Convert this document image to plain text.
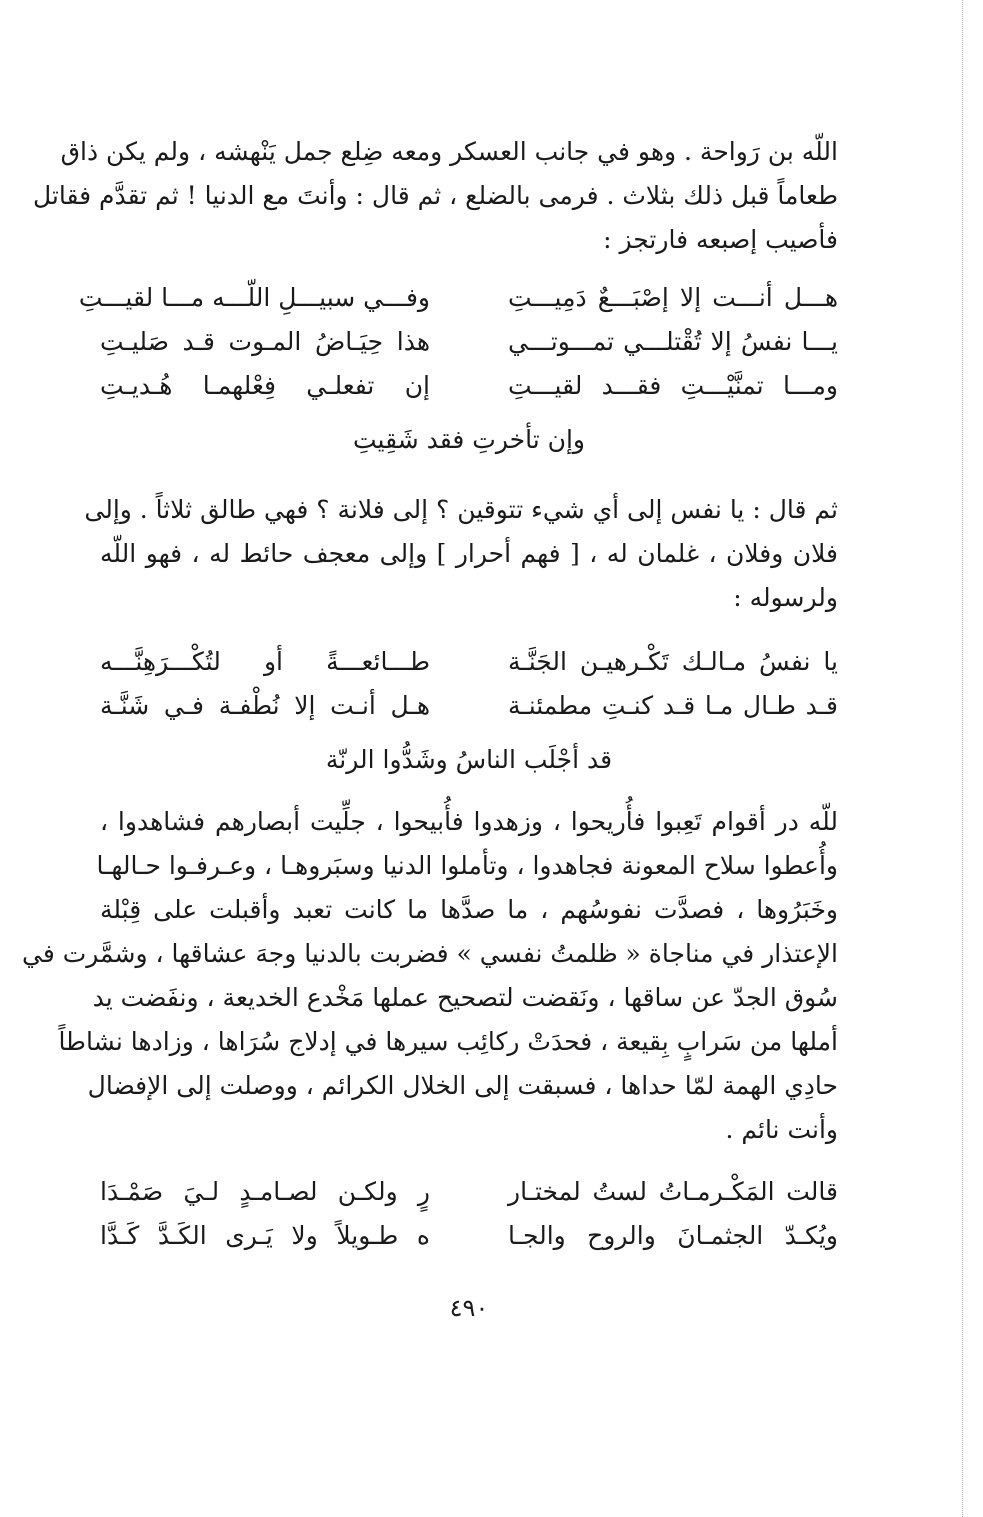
اللّه بن رَواحة . وهو في جانب العسكر ومعه ضِلع جمل يَنْهشه ، ولم يكن ذاق
طعاماً قبل ذلك بثلاث . فرمى بالضلع ، ثم قال : وأنتَ مع الدنيا ! ثم تقدَّم فقاتل
فأصيب إصبعه فارتجز :
هـــل أنـــت إلا إصْبَـــعٌ دَمِيـــتِ
وفـــي سبيـــلِ اللّـــه مـــا لقيـــتِ
يـــا نفسُ إلا تُقْتلـــي تمـــوتـــي
هذا حِيَـاضُ المـوت قـد صَليـتِ
ومـــا تمنَّيْـــتِ فقـــد لقيـــتِ
إن تفعلـي فِعْلهمـا هُـديـتِ
وإن تأخرتِ فقد شَقِيتِ
ثم قال : يا نفس إلى أي شيء تتوقين ؟ إلى فلانة ؟ فهي طالق ثلاثاً . وإلى
فلان وفلان ، غلمان له ، [ فهم أحرار ] وإلى معجف حائط له ، فهو اللّه
ولرسوله :
يا نفسُ مـالـك تَكْـرهيـن الجَنَّـة
طـــائعـــةً أو لتُكْـــرَهِنَّـــه
قـد طـال مـا قـد كنـتِ مطمئنـة
هـل أنـت إلا نُطْفـة فـي شَنَّـة
قد أجْلَب الناسُ وشَدُّوا الرنّة
للّه در أقوام تَعِبوا فأُريحوا ، وزهدوا فأُبيحوا ، جلِّيت أبصارهم فشاهدوا ،
وأُعطوا سلاح المعونة فجاهدوا ، وتأملوا الدنيا وسبَروهـا ، وعـرفـوا حـالهـا
وخَبَرُوها ، فصدَّت نفوسُهم ، ما صدَّها ما كانت تعبد وأقبلت على قِبْلة
الإعتذار في مناجاة « ظلمتُ نفسي » فضربت بالدنيا وجهَ عشاقها ، وشمَّرت في
سُوق الجدّ عن ساقها ، ونَقضت لتصحيح عملها مَخْدع الخديعة ، ونفَضت يد
أملها من سَرابٍ بِقيعة ، فحدَتْ ركائِب سيرها في إدلاج سُرَاها ، وزادها نشاطاً
حادِي الهمة لمّا حداها ، فسبقت إلى الخلال الكرائم ، ووصلت إلى الإفضال
وأنت نائم .
قالت المَكْـرمـاتُ لستُ لمختـار
رٍ ولكـن لصـامـدٍ لـيَ صَمْـدَا
ويُكـدّ الجثمـانَ والروح والجـا
ه طـويلاً ولا يَـرى الكَـدَّ كَـدَّا
٤٩٠
